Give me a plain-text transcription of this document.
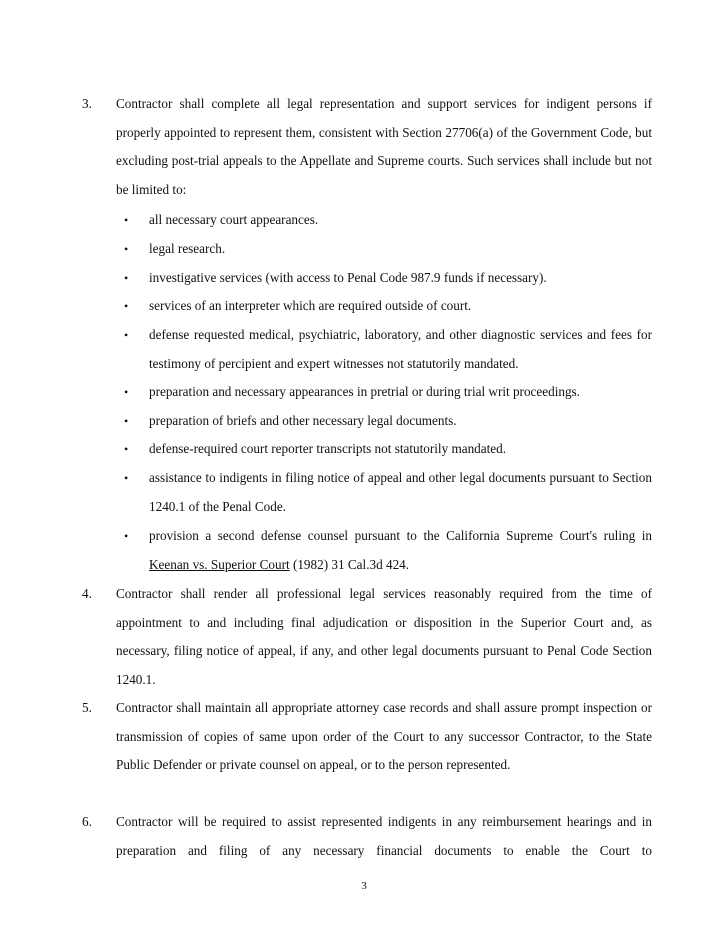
3. Contractor shall complete all legal representation and support services for indigent persons if properly appointed to represent them, consistent with Section 27706(a) of the Government Code, but excluding post-trial appeals to the Appellate and Supreme courts. Such services shall include but not be limited to:
• all necessary court appearances.
• legal research.
• investigative services (with access to Penal Code 987.9 funds if necessary).
• services of an interpreter which are required outside of court.
• defense requested medical, psychiatric, laboratory, and other diagnostic services and fees for testimony of percipient and expert witnesses not statutorily mandated.
• preparation and necessary appearances in pretrial or during trial writ proceedings.
• preparation of briefs and other necessary legal documents.
• defense-required court reporter transcripts not statutorily mandated.
• assistance to indigents in filing notice of appeal and other legal documents pursuant to Section 1240.1 of the Penal Code.
• provision a second defense counsel pursuant to the California Supreme Court's ruling in Keenan vs. Superior Court (1982) 31 Cal.3d 424.
4. Contractor shall render all professional legal services reasonably required from the time of appointment to and including final adjudication or disposition in the Superior Court and, as necessary, filing notice of appeal, if any, and other legal documents pursuant to Penal Code Section 1240.1.
5. Contractor shall maintain all appropriate attorney case records and shall assure prompt inspection or transmission of copies of same upon order of the Court to any successor Contractor, to the State Public Defender or private counsel on appeal, or to the person represented.
6. Contractor will be required to assist represented indigents in any reimbursement hearings and in preparation and filing of any necessary financial documents to enable the Court to
3
